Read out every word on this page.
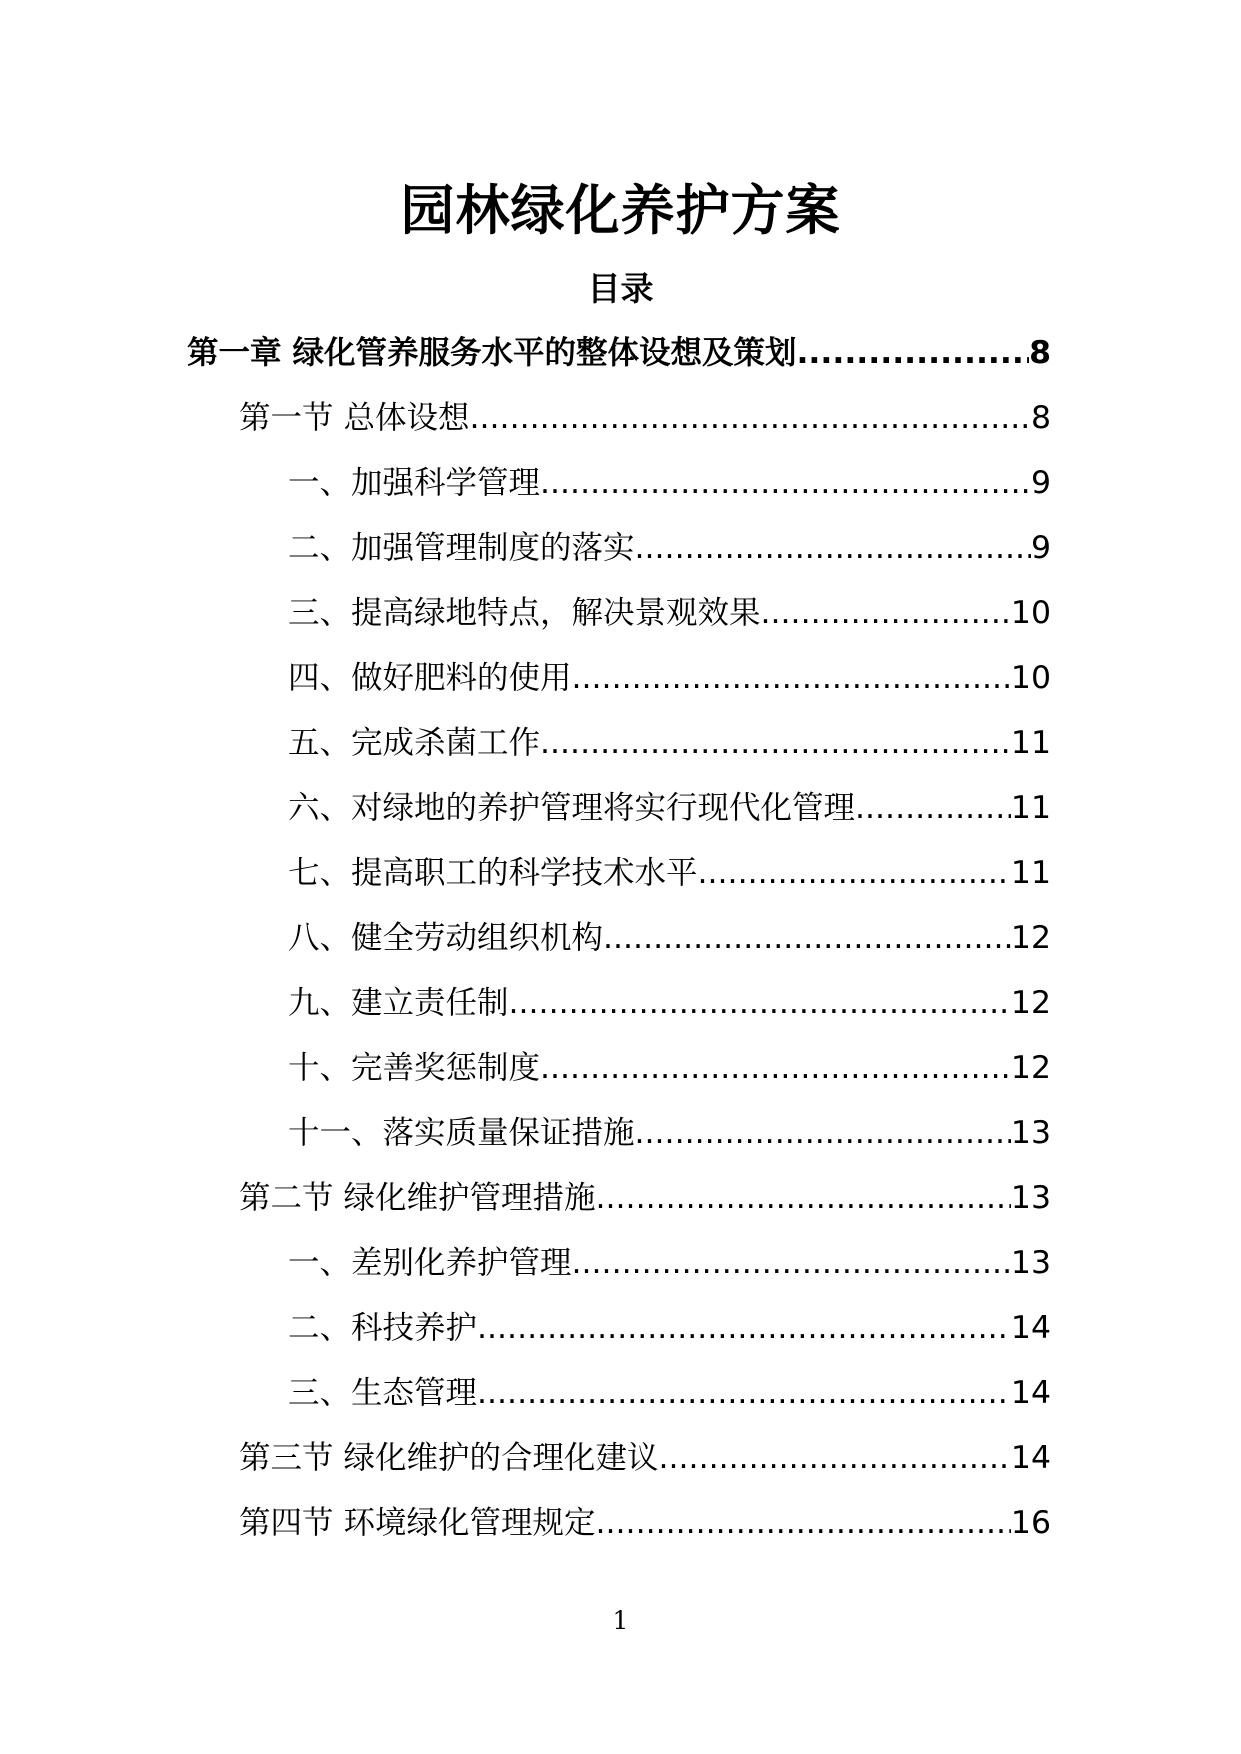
园林绿化养护方案
目录
第一章 绿化管养服务水平的整体设想及策划 .....	8
第一节 总体设想 .....	8
一、加强科学管理 .....	9
二、加强管理制度的落实 .....	9
三、提高绿地特点，解决景观效果 .....	10
四、做好肥料的使用 .....	10
五、完成杀菌工作 .....	11
六、对绿地的养护管理将实行现代化管理 .....	11
七、提高职工的科学技术水平 .....	11
八、健全劳动组织机构 .....	12
九、建立责任制 .....	12
十、完善奖惩制度 .....	12
十一、落实质量保证措施 .....	13
第二节 绿化维护管理措施 .....	13
一、差别化养护管理 .....	13
二、科技养护 .....	14
三、生态管理 .....	14
第三节 绿化维护的合理化建议 .....	14
第四节 环境绿化管理规定 .....	16
1
